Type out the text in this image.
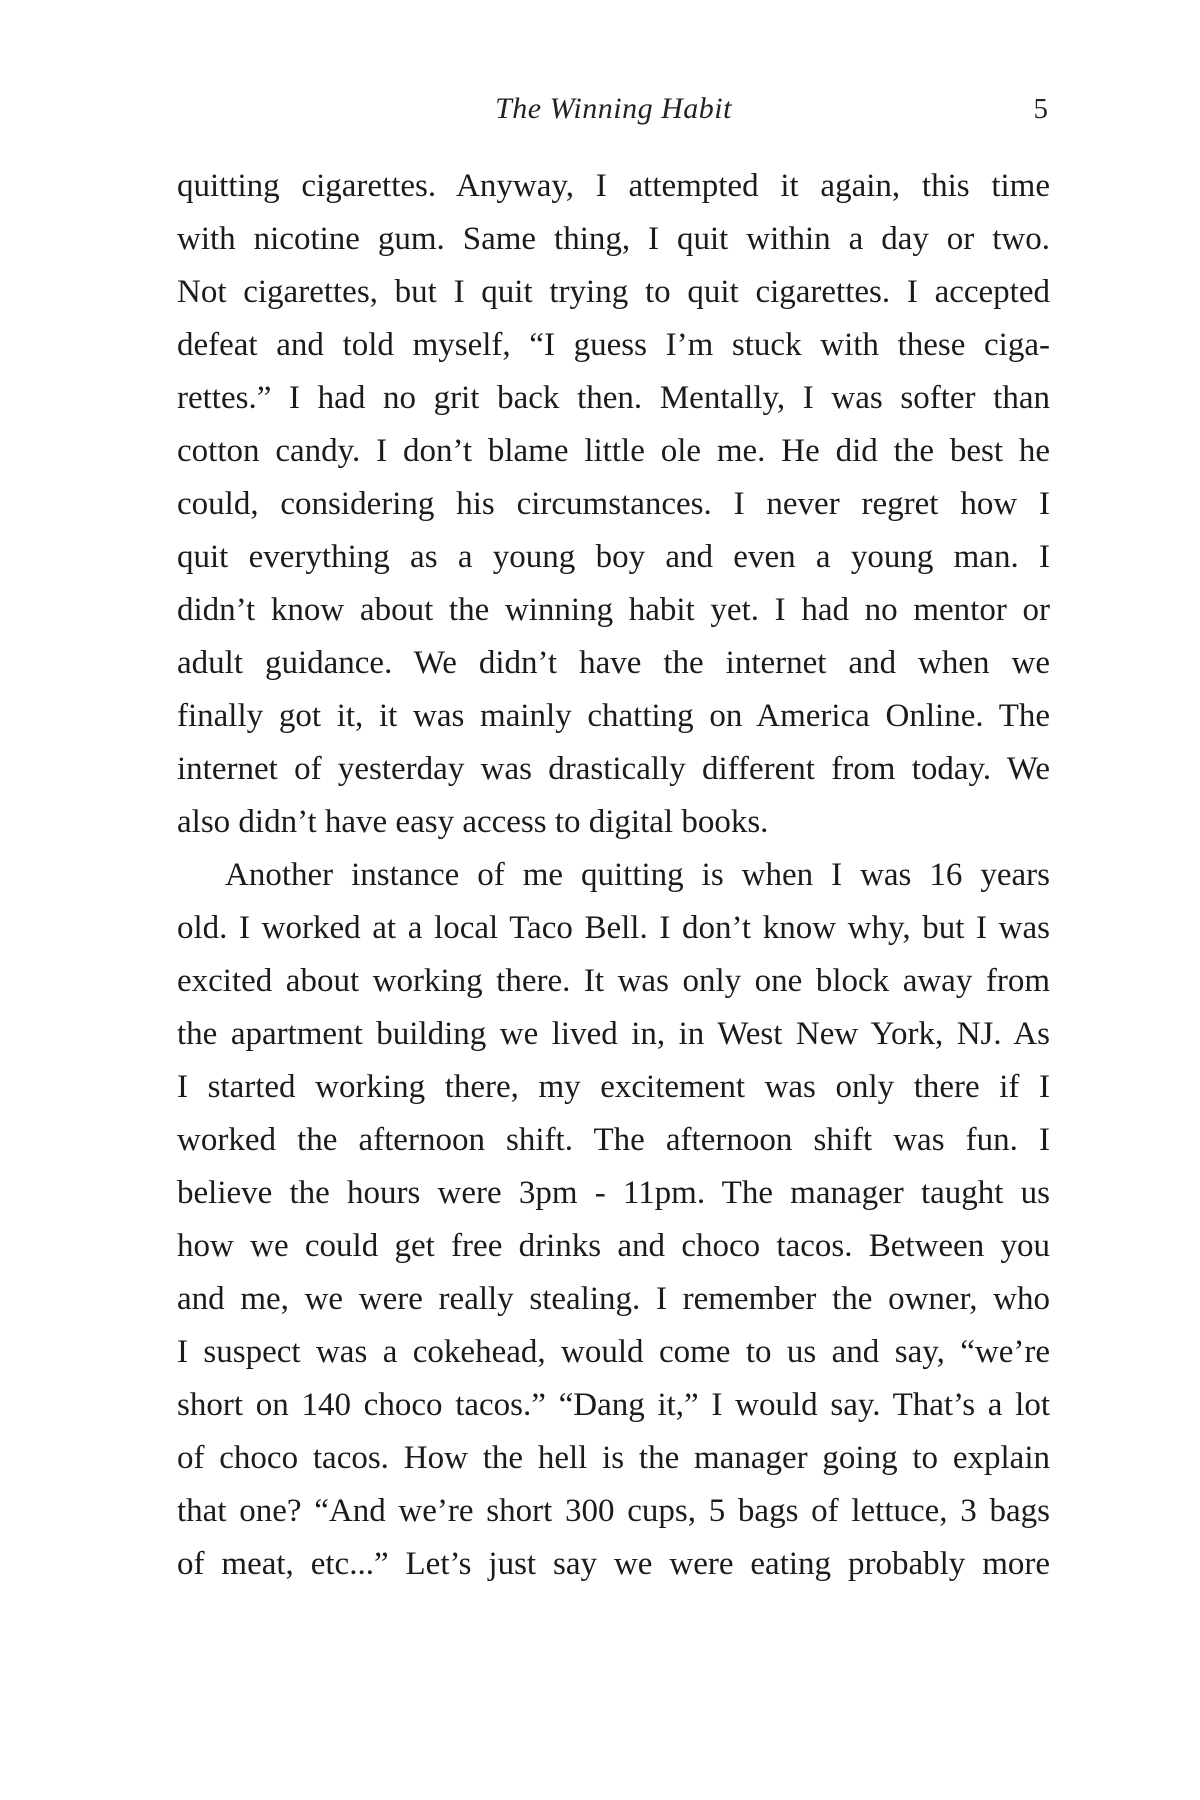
The Winning Habit	5
quitting cigarettes. Anyway, I attempted it again, this time
with nicotine gum. Same thing, I quit within a day or two.
Not cigarettes, but I quit trying to quit cigarettes. I accepted
defeat and told myself, “I guess I’m stuck with these ciga-
rettes.” I had no grit back then. Mentally, I was softer than
cotton candy. I don’t blame little ole me. He did the best he
could, considering his circumstances. I never regret how I
quit everything as a young boy and even a young man. I
didn’t know about the winning habit yet. I had no mentor or
adult guidance. We didn’t have the internet and when we
finally got it, it was mainly chatting on America Online. The
internet of yesterday was drastically different from today. We
also didn’t have easy access to digital books.
Another instance of me quitting is when I was 16 years
old. I worked at a local Taco Bell. I don’t know why, but I was
excited about working there. It was only one block away from
the apartment building we lived in, in West New York, NJ. As
I started working there, my excitement was only there if I
worked the afternoon shift. The afternoon shift was fun. I
believe the hours were 3pm - 11pm. The manager taught us
how we could get free drinks and choco tacos. Between you
and me, we were really stealing. I remember the owner, who
I suspect was a cokehead, would come to us and say, “we’re
short on 140 choco tacos.” “Dang it,” I would say. That’s a lot
of choco tacos. How the hell is the manager going to explain
that one? “And we’re short 300 cups, 5 bags of lettuce, 3 bags
of meat, etc...” Let’s just say we were eating probably more
